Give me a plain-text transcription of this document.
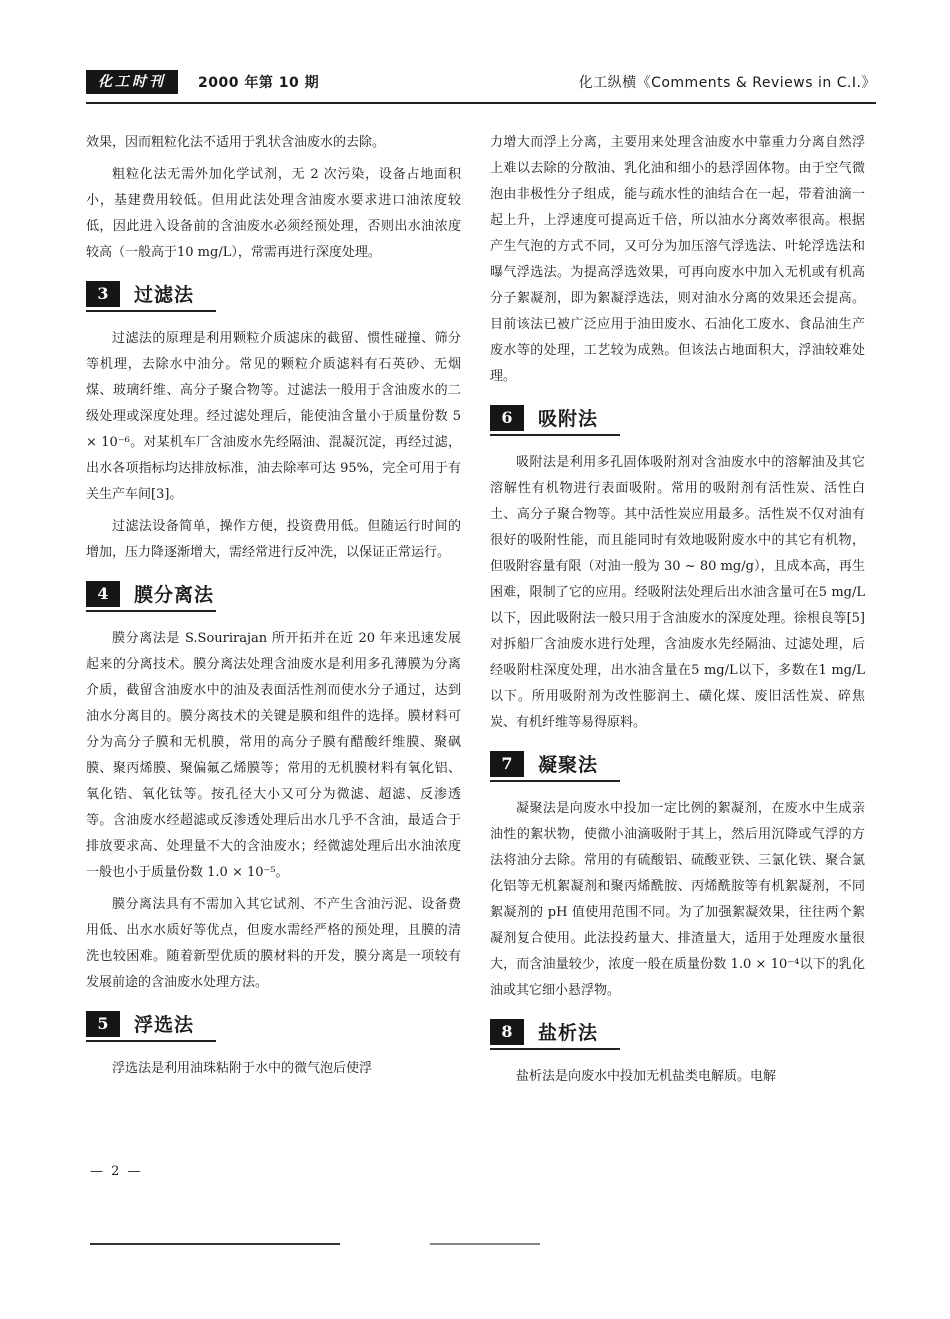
化工时刊	2000 年第 10 期	化工纵横《Comments & Reviews in C.I.》

效果，因而粗粒化法不适用于乳状含油废水的去除。

粗粒化法无需外加化学试剂，无 2 次污染，设备占地面积小，基建费用较低。但用此法处理含油废水要求进口油浓度较低，因此进入设备前的含油废水必须经预处理，否则出水油浓度较高（一般高于10 mg/L），常需再进行深度处理。

3	过滤法

过滤法的原理是利用颗粒介质滤床的截留、惯性碰撞、筛分等机理，去除水中油分。常见的颗粒介质滤料有石英砂、无烟煤、玻璃纤维、高分子聚合物等。过滤法一般用于含油废水的二级处理或深度处理。经过滤处理后，能使油含量小于质量份数 5 × 10⁻⁶。对某机车厂含油废水先经隔油、混凝沉淀，再经过滤，出水各项指标均达排放标准，油去除率可达 95%，完全可用于有关生产车间[3]。

过滤法设备简单，操作方便，投资费用低。但随运行时间的增加，压力降逐渐增大，需经常进行反冲洗，以保证正常运行。

4	膜分离法

膜分离法是 S.Sourirajan 所开拓并在近 20 年来迅速发展起来的分离技术。膜分离法处理含油废水是利用多孔薄膜为分离介质，截留含油废水中的油及表面活性剂而使水分子通过，达到油水分离目的。膜分离技术的关键是膜和组件的选择。膜材料可分为高分子膜和无机膜，常用的高分子膜有醋酸纤维膜、聚砜膜、聚丙烯膜、聚偏氟乙烯膜等；常用的无机膜材料有氧化铝、氧化锆、氧化钛等。按孔径大小又可分为微滤、超滤、反渗透等。含油废水经超滤或反渗透处理后出水几乎不含油，最适合于排放要求高、处理量不大的含油废水；经微滤处理后出水油浓度一般也小于质量份数 1.0 × 10⁻⁵。

膜分离法具有不需加入其它试剂、不产生含油污泥、设备费用低、出水水质好等优点，但废水需经严格的预处理，且膜的清洗也较困难。随着新型优质的膜材料的开发，膜分离是一项较有发展前途的含油废水处理方法。

5	浮选法

浮选法是利用油珠粘附于水中的微气泡后使浮

力增大而浮上分离，主要用来处理含油废水中靠重力分离自然浮上难以去除的分散油、乳化油和细小的悬浮固体物。由于空气微泡由非极性分子组成，能与疏水性的油结合在一起，带着油滴一起上升，上浮速度可提高近千倍，所以油水分离效率很高。根据产生气泡的方式不同，又可分为加压溶气浮选法、叶轮浮选法和曝气浮选法。为提高浮选效果，可再向废水中加入无机或有机高分子絮凝剂，即为絮凝浮选法，则对油水分离的效果还会提高。目前该法已被广泛应用于油田废水、石油化工废水、食品油生产废水等的处理，工艺较为成熟。但该法占地面积大，浮油较难处理。

6	吸附法

吸附法是利用多孔固体吸附剂对含油废水中的溶解油及其它溶解性有机物进行表面吸附。常用的吸附剂有活性炭、活性白土、高分子聚合物等。其中活性炭应用最多。活性炭不仅对油有很好的吸附性能，而且能同时有效地吸附废水中的其它有机物，但吸附容量有限（对油一般为 30 ~ 80 mg/g），且成本高，再生困难，限制了它的应用。经吸附法处理后出水油含量可在5 mg/L以下，因此吸附法一般只用于含油废水的深度处理。徐根良等[5]对拆船厂含油废水进行处理，含油废水先经隔油、过滤处理，后经吸附柱深度处理，出水油含量在5 mg/L以下，多数在1 mg/L以下。所用吸附剂为改性膨润土、磺化煤、废旧活性炭、碎焦炭、有机纤维等易得原料。

7	凝聚法

凝聚法是向废水中投加一定比例的絮凝剂，在废水中生成亲油性的絮状物，使微小油滴吸附于其上，然后用沉降或气浮的方法将油分去除。常用的有硫酸铝、硫酸亚铁、三氯化铁、聚合氯化铝等无机絮凝剂和聚丙烯酰胺、丙烯酰胺等有机絮凝剂，不同絮凝剂的 pH 值使用范围不同。为了加强絮凝效果，往往两个絮凝剂复合使用。此法投药量大、排渣量大，适用于处理废水量很大，而含油量较少，浓度一般在质量份数 1.0 × 10⁻⁴以下的乳化油或其它细小悬浮物。

8	盐析法

盐析法是向废水中投加无机盐类电解质。电解

— 2 —
